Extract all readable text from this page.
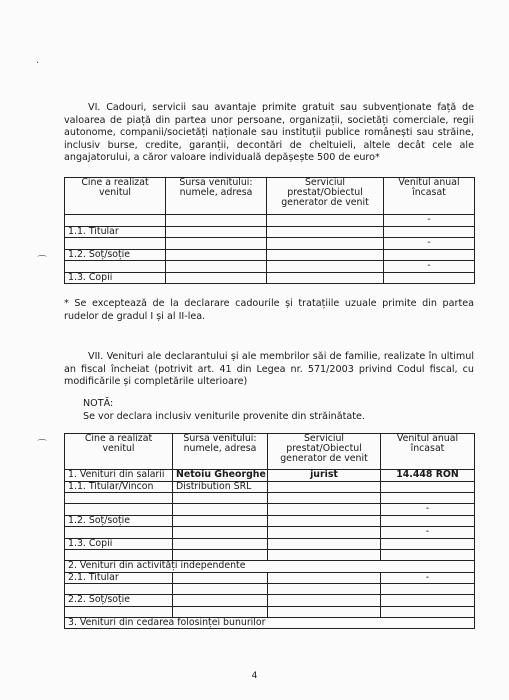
·
⌒
⌒

VI. Cadouri, servicii sau avantaje primite gratuit sau subvenționate față de valoarea de piață din partea unor persoane, organizații, societăți comerciale, regii autonome, companii/societăți naționale sau instituții publice românești sau străine, inclusiv burse, credite, garanții, decontări de cheltuieli, altele decât cele ale angajatorului, a căror valoare individuală depășește 500 de euro*

Cine a realizat venitul	Sursa venitului: numele, adresa	Serviciul prestat/Obiectul generator de venit	Venitul anual încasat
			-
1.1. Titular			
			-
1.2. Soț/soție			
			-
1.3. Copii			

* Se exceptează de la declarare cadourile și tratațiile uzuale primite din partea rudelor de gradul I și al II-lea.

VII. Venituri ale declarantului și ale membrilor săi de familie, realizate în ultimul an fiscal încheiat (potrivit art. 41 din Legea nr. 571/2003 privind Codul fiscal, cu modificările și completările ulterioare)

NOTĂ:

Se vor declara inclusiv veniturile provenite din străinătate.

Cine a realizat venitul	Sursa venitului: numele, adresa	Serviciul prestat/Obiectul generator de venit	Venitul anual încasat
1. Venituri din salarii	Netoiu Gheorghe	jurist	14.448 RON
1.1. Titular/Vincon	Distribution SRL		

			-
1.2. Soț/soție			
			-
1.3. Copii			

2. Venituri din activități independente			
2.1. Titular			-

2.2. Soț/soție			

3. Venituri din cedarea folosinței bunurilor			
4
